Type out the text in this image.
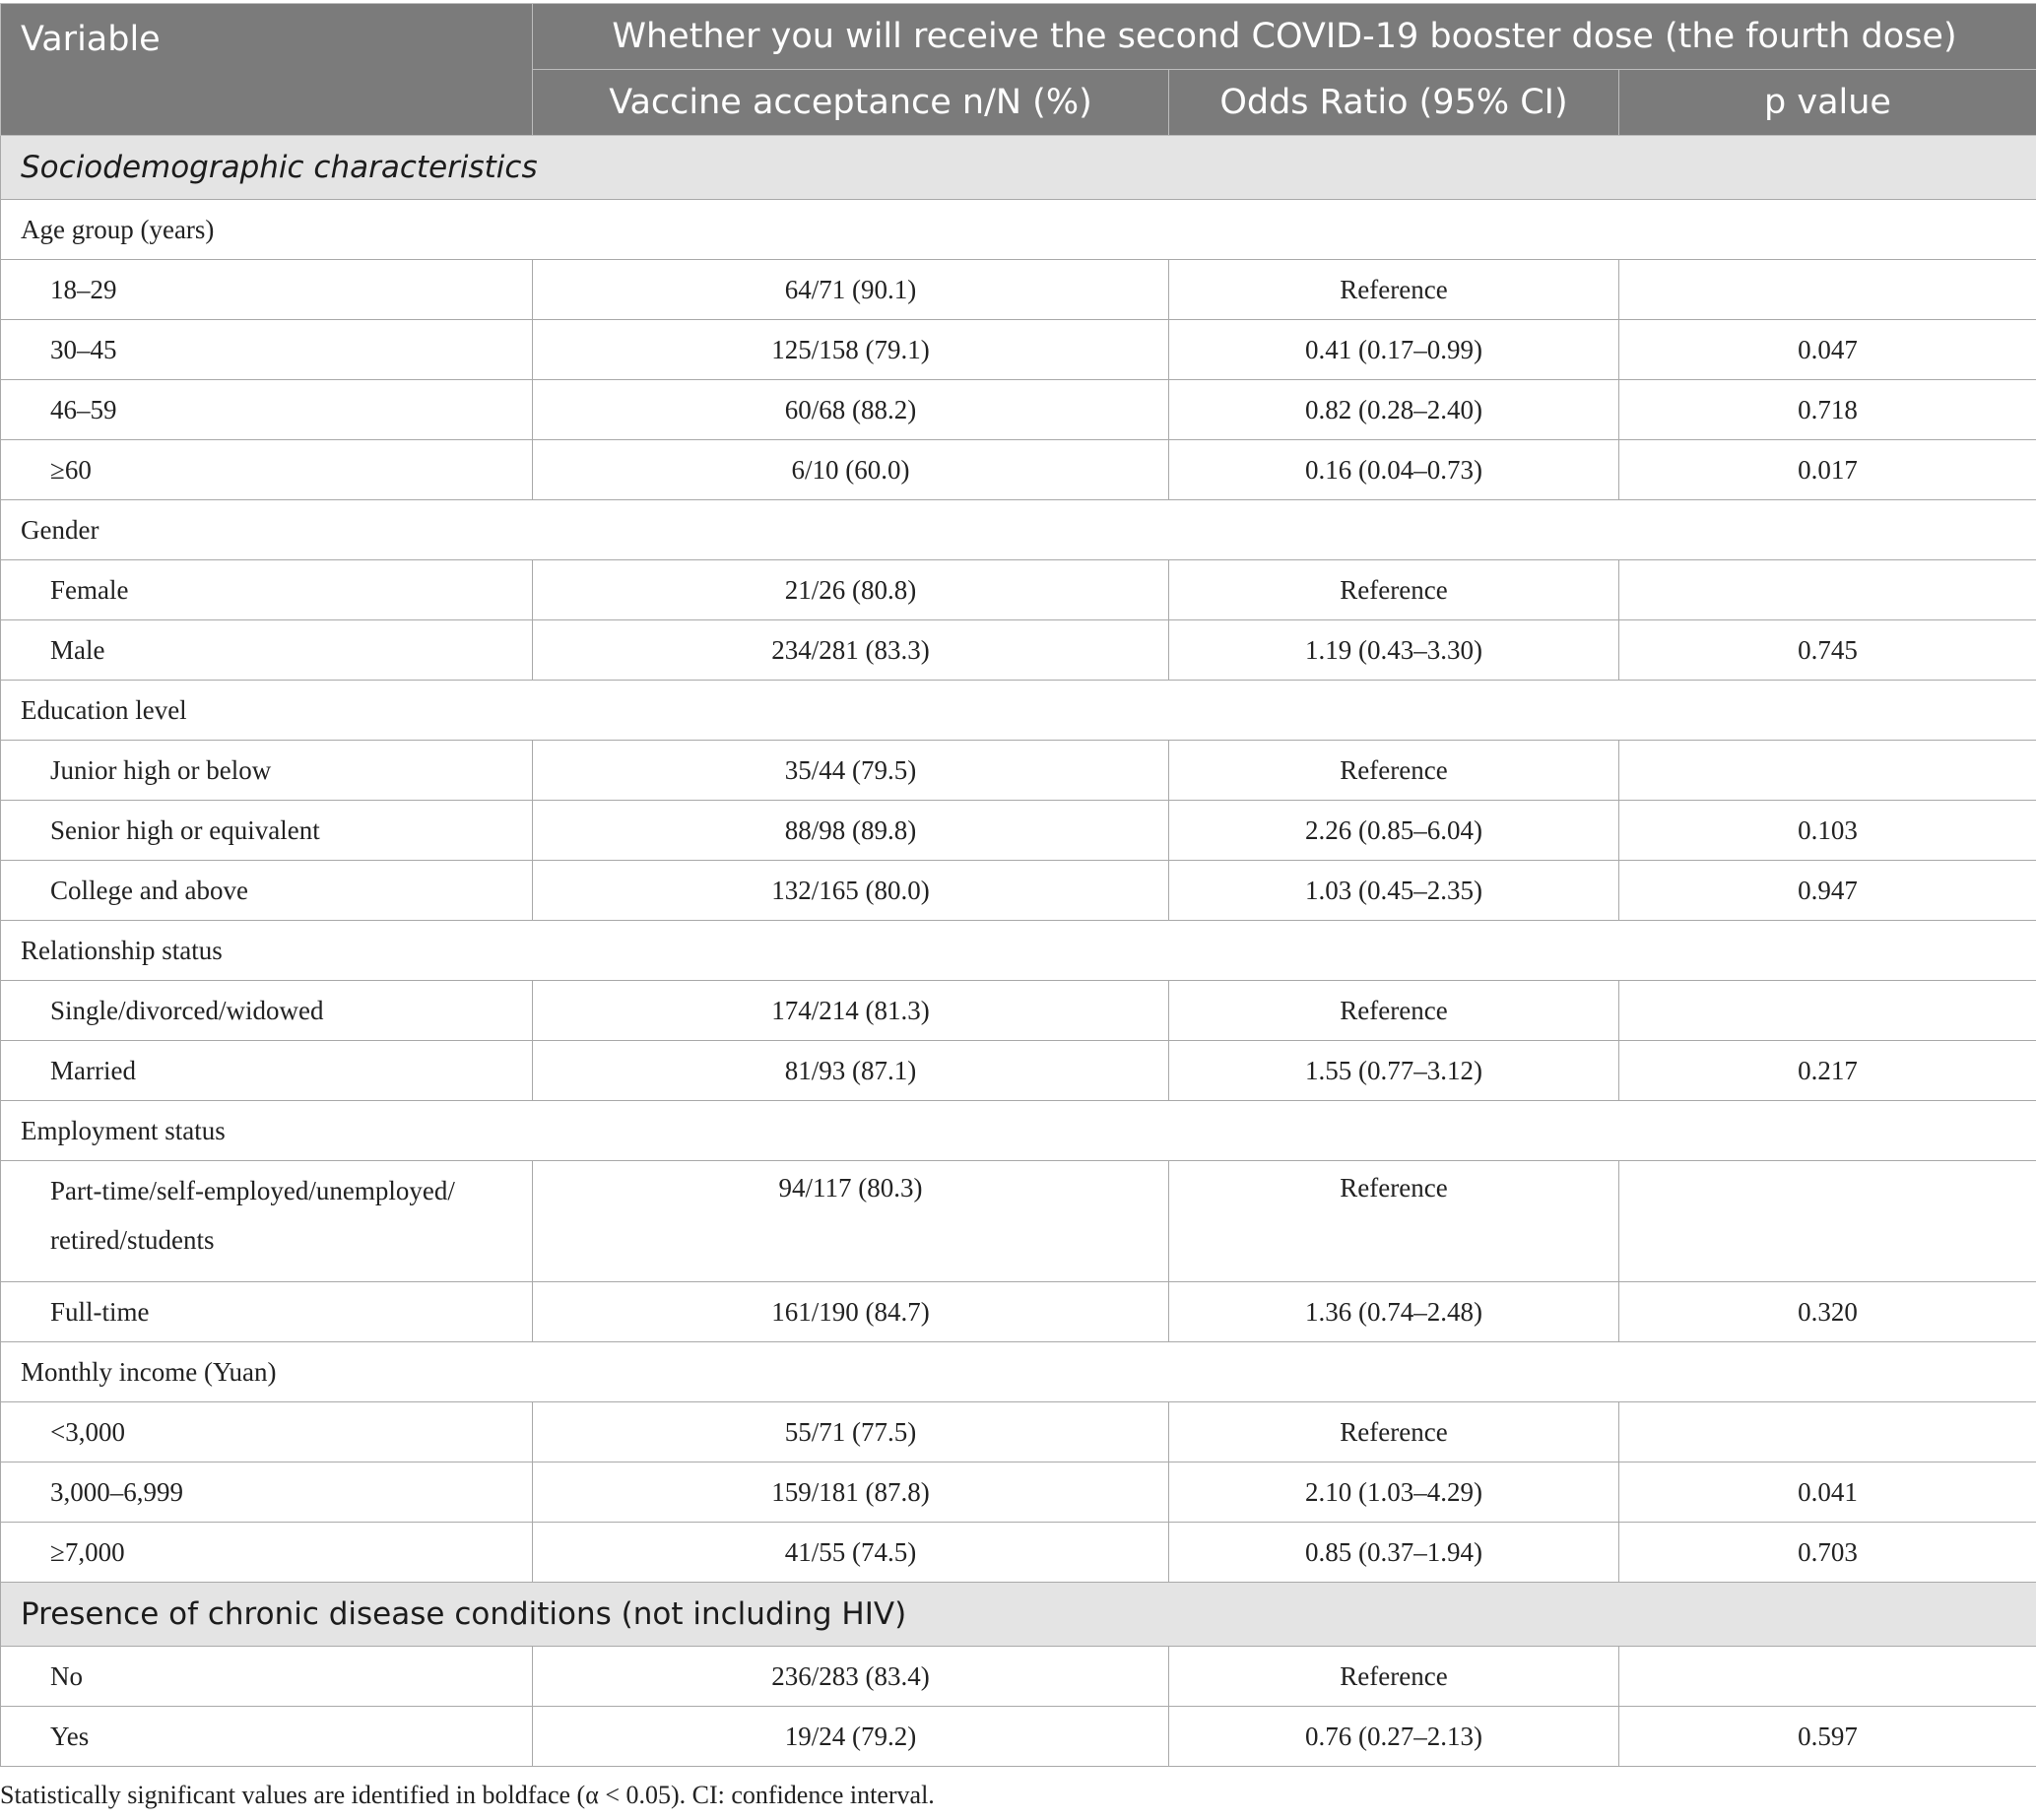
Variable	Whether you will receive the second COVID-19 booster dose (the fourth dose)		
	Vaccine acceptance n/N (%)	Odds Ratio (95% CI)	p value
Sociodemographic characteristics			
Age group (years)			
18–29	64/71 (90.1)	Reference	
30–45	125/158 (79.1)	0.41 (0.17–0.99)	0.047
46–59	60/68 (88.2)	0.82 (0.28–2.40)	0.718
≥60	6/10 (60.0)	0.16 (0.04–0.73)	0.017
Gender			
Female	21/26 (80.8)	Reference	
Male	234/281 (83.3)	1.19 (0.43–3.30)	0.745
Education level			
Junior high or below	35/44 (79.5)	Reference	
Senior high or equivalent	88/98 (89.8)	2.26 (0.85–6.04)	0.103
College and above	132/165 (80.0)	1.03 (0.45–2.35)	0.947
Relationship status			
Single/divorced/widowed	174/214 (81.3)	Reference	
Married	81/93 (87.1)	1.55 (0.77–3.12)	0.217
Employment status			
Part-time/self-employed/unemployed/ retired/students	94/117 (80.3)	Reference	
Full-time	161/190 (84.7)	1.36 (0.74–2.48)	0.320
Monthly income (Yuan)			
<3,000	55/71 (77.5)	Reference	
3,000–6,999	159/181 (87.8)	2.10 (1.03–4.29)	0.041
≥7,000	41/55 (74.5)	0.85 (0.37–1.94)	0.703
Presence of chronic disease conditions (not including HIV)			
No	236/283 (83.4)	Reference	
Yes	19/24 (79.2)	0.76 (0.27–2.13)	0.597
Statistically significant values are identified in boldface (α < 0.05). CI: confidence interval.
